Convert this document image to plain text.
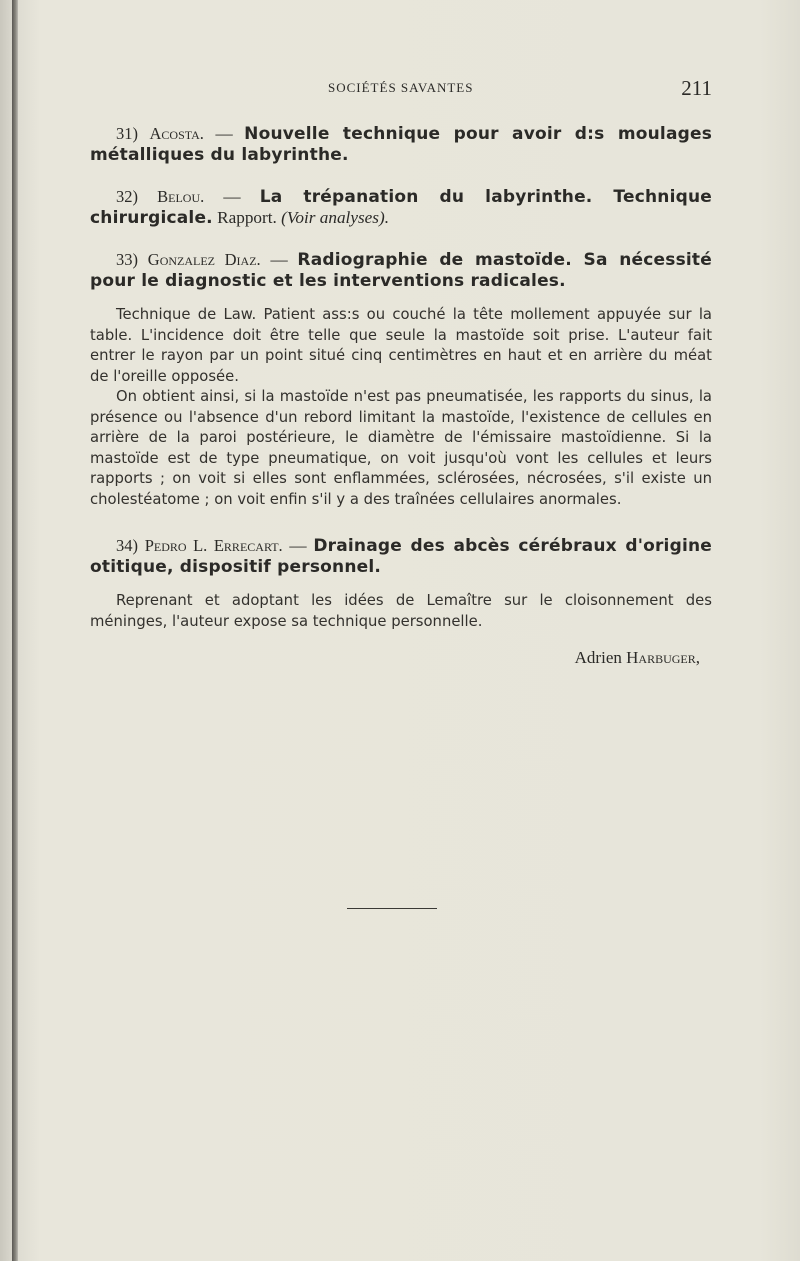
SOCIÉTÉS SAVANTES	211

31) Acosta. — Nouvelle technique pour avoir d:s moulages métalliques du labyrinthe.

32) Belou. — La trépanation du labyrinthe. Technique chirurgicale. Rapport. (Voir analyses).

33) Gonzalez Diaz. — Radiographie de mastoïde. Sa nécessité pour le diagnostic et les interventions radicales.

Technique de Law. Patient ass:s ou couché la tête mollement appuyée sur la table. L'incidence doit être telle que seule la mastoïde soit prise. L'auteur fait entrer le rayon par un point situé cinq centimètres en haut et en arrière du méat de l'oreille opposée.

On obtient ainsi, si la mastoïde n'est pas pneumatisée, les rapports du sinus, la présence ou l'absence d'un rebord limitant la mastoïde, l'existence de cellules en arrière de la paroi postérieure, le diamètre de l'émissaire mastoïdienne. Si la mastoïde est de type pneumatique, on voit jusqu'où vont les cellules et leurs rapports ; on voit si elles sont enflammées, sclérosées, nécrosées, s'il existe un cholestéatome ; on voit enfin s'il y a des traînées cellulaires anormales.

34) Pedro L. Errecart. — Drainage des abcès cérébraux d'origine otitique, dispositif personnel.

Reprenant et adoptant les idées de Lemaître sur le cloisonnement des méninges, l'auteur expose sa technique personnelle.

Adrien Harbuger,
